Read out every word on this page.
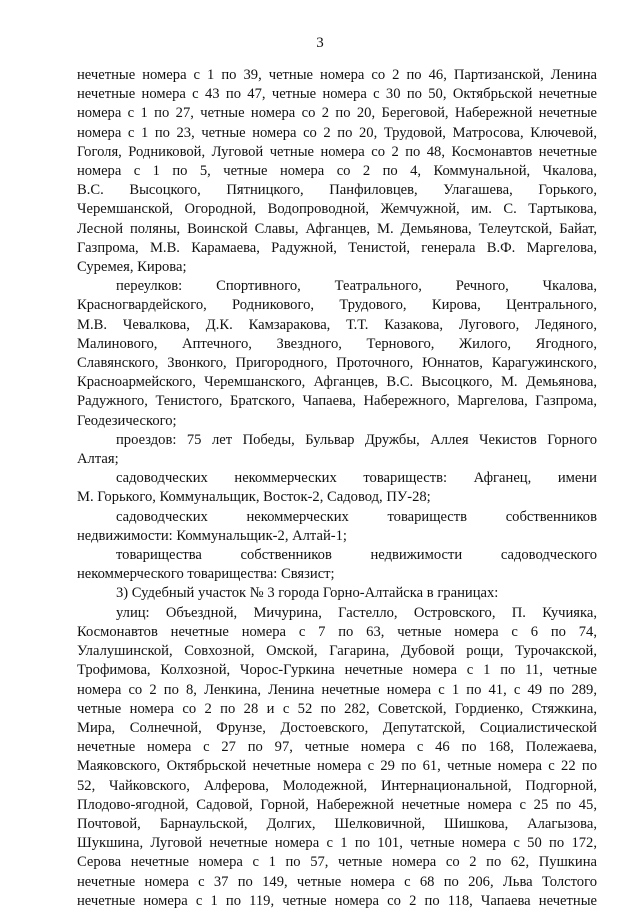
3

нечетные номера с 1 по 39, четные номера со 2 по 46, Партизанской, Ленина

нечетные номера с 43 по 47, четные номера с 30 по 50, Октябрьской нечетные

номера с 1 по 27, четные номера со 2 по 20, Береговой, Набережной нечетные

номера с 1 по 23, четные номера со 2 по 20, Трудовой, Матросова, Ключевой,

Гоголя, Родниковой, Луговой четные номера со 2 по 48, Космонавтов нечетные

номера с 1 по 5, четные номера со 2 по 4, Коммунальной, Чкалова,

В.С. Высоцкого, Пятницкого, Панфиловцев, Улагашева, Горького,

Черемшанской, Огородной, Водопроводной, Жемчужной, им. С. Тартыкова,

Лесной поляны, Воинской Славы, Афганцев, М. Демьянова, Телеутской, Байат,

Газпрома, М.В. Карамаева, Радужной, Тенистой, генерала В.Ф. Маргелова,

Суремея, Кирова;

переулков: Спортивного, Театрального, Речного, Чкалова,

Красногвардейского, Родникового, Трудового, Кирова, Центрального,

М.В. Чевалкова, Д.К. Камзаракова, Т.Т. Казакова, Лугового, Ледяного,

Малинового, Аптечного, Звездного, Тернового, Жилого, Ягодного,

Славянского, Звонкого, Пригородного, Проточного, Юннатов, Карагужинского,

Красноармейского, Черемшанского, Афганцев, В.С. Высоцкого, М. Демьянова,

Радужного, Тенистого, Братского, Чапаева, Набережного, Маргелова, Газпрома,

Геодезического;

проездов: 75 лет Победы, Бульвар Дружбы, Аллея Чекистов Горного

Алтая;

садоводческих некоммерческих товариществ: Афганец, имени

М. Горького, Коммунальщик, Восток-2, Садовод, ПУ-28;

садоводческих некоммерческих товариществ собственников

недвижимости: Коммунальщик-2, Алтай-1;

товарищества собственников недвижимости садоводческого

некоммерческого товарищества: Связист;

3) Судебный участок № 3 города Горно-Алтайска в границах:

улиц: Объездной, Мичурина, Гастелло, Островского, П. Кучияка,

Космонавтов нечетные номера с 7 по 63, четные номера с 6 по 74,

Улалушинской, Совхозной, Омской, Гагарина, Дубовой рощи, Турочакской,

Трофимова, Колхозной, Чорос-Гуркина нечетные номера с 1 по 11, четные

номера со 2 по 8, Ленкина, Ленина нечетные номера с 1 по 41, с 49 по 289,

четные номера со 2 по 28 и с 52 по 282, Советской, Гордиенко, Стяжкина,

Мира, Солнечной, Фрунзе, Достоевского, Депутатской, Социалистической

нечетные номера с 27 по 97, четные номера с 46 по 168, Полежаева,

Маяковского, Октябрьской нечетные номера с 29 по 61, четные номера с 22 по

52, Чайковского, Алферова, Молодежной, Интернациональной, Подгорной,

Плодово-ягодной, Садовой, Горной, Набережной нечетные номера с 25 по 45,

Почтовой, Барнаульской, Долгих, Шелковичной, Шишкова, Алагызова,

Шукшина, Луговой нечетные номера с 1 по 101, четные номера с 50 по 172,

Серова нечетные номера с 1 по 57, четные номера со 2 по 62, Пушкина

нечетные номера с 37 по 149, четные номера с 68 по 206, Льва Толстого

нечетные номера с 1 по 119, четные номера со 2 по 118, Чапаева нечетные
